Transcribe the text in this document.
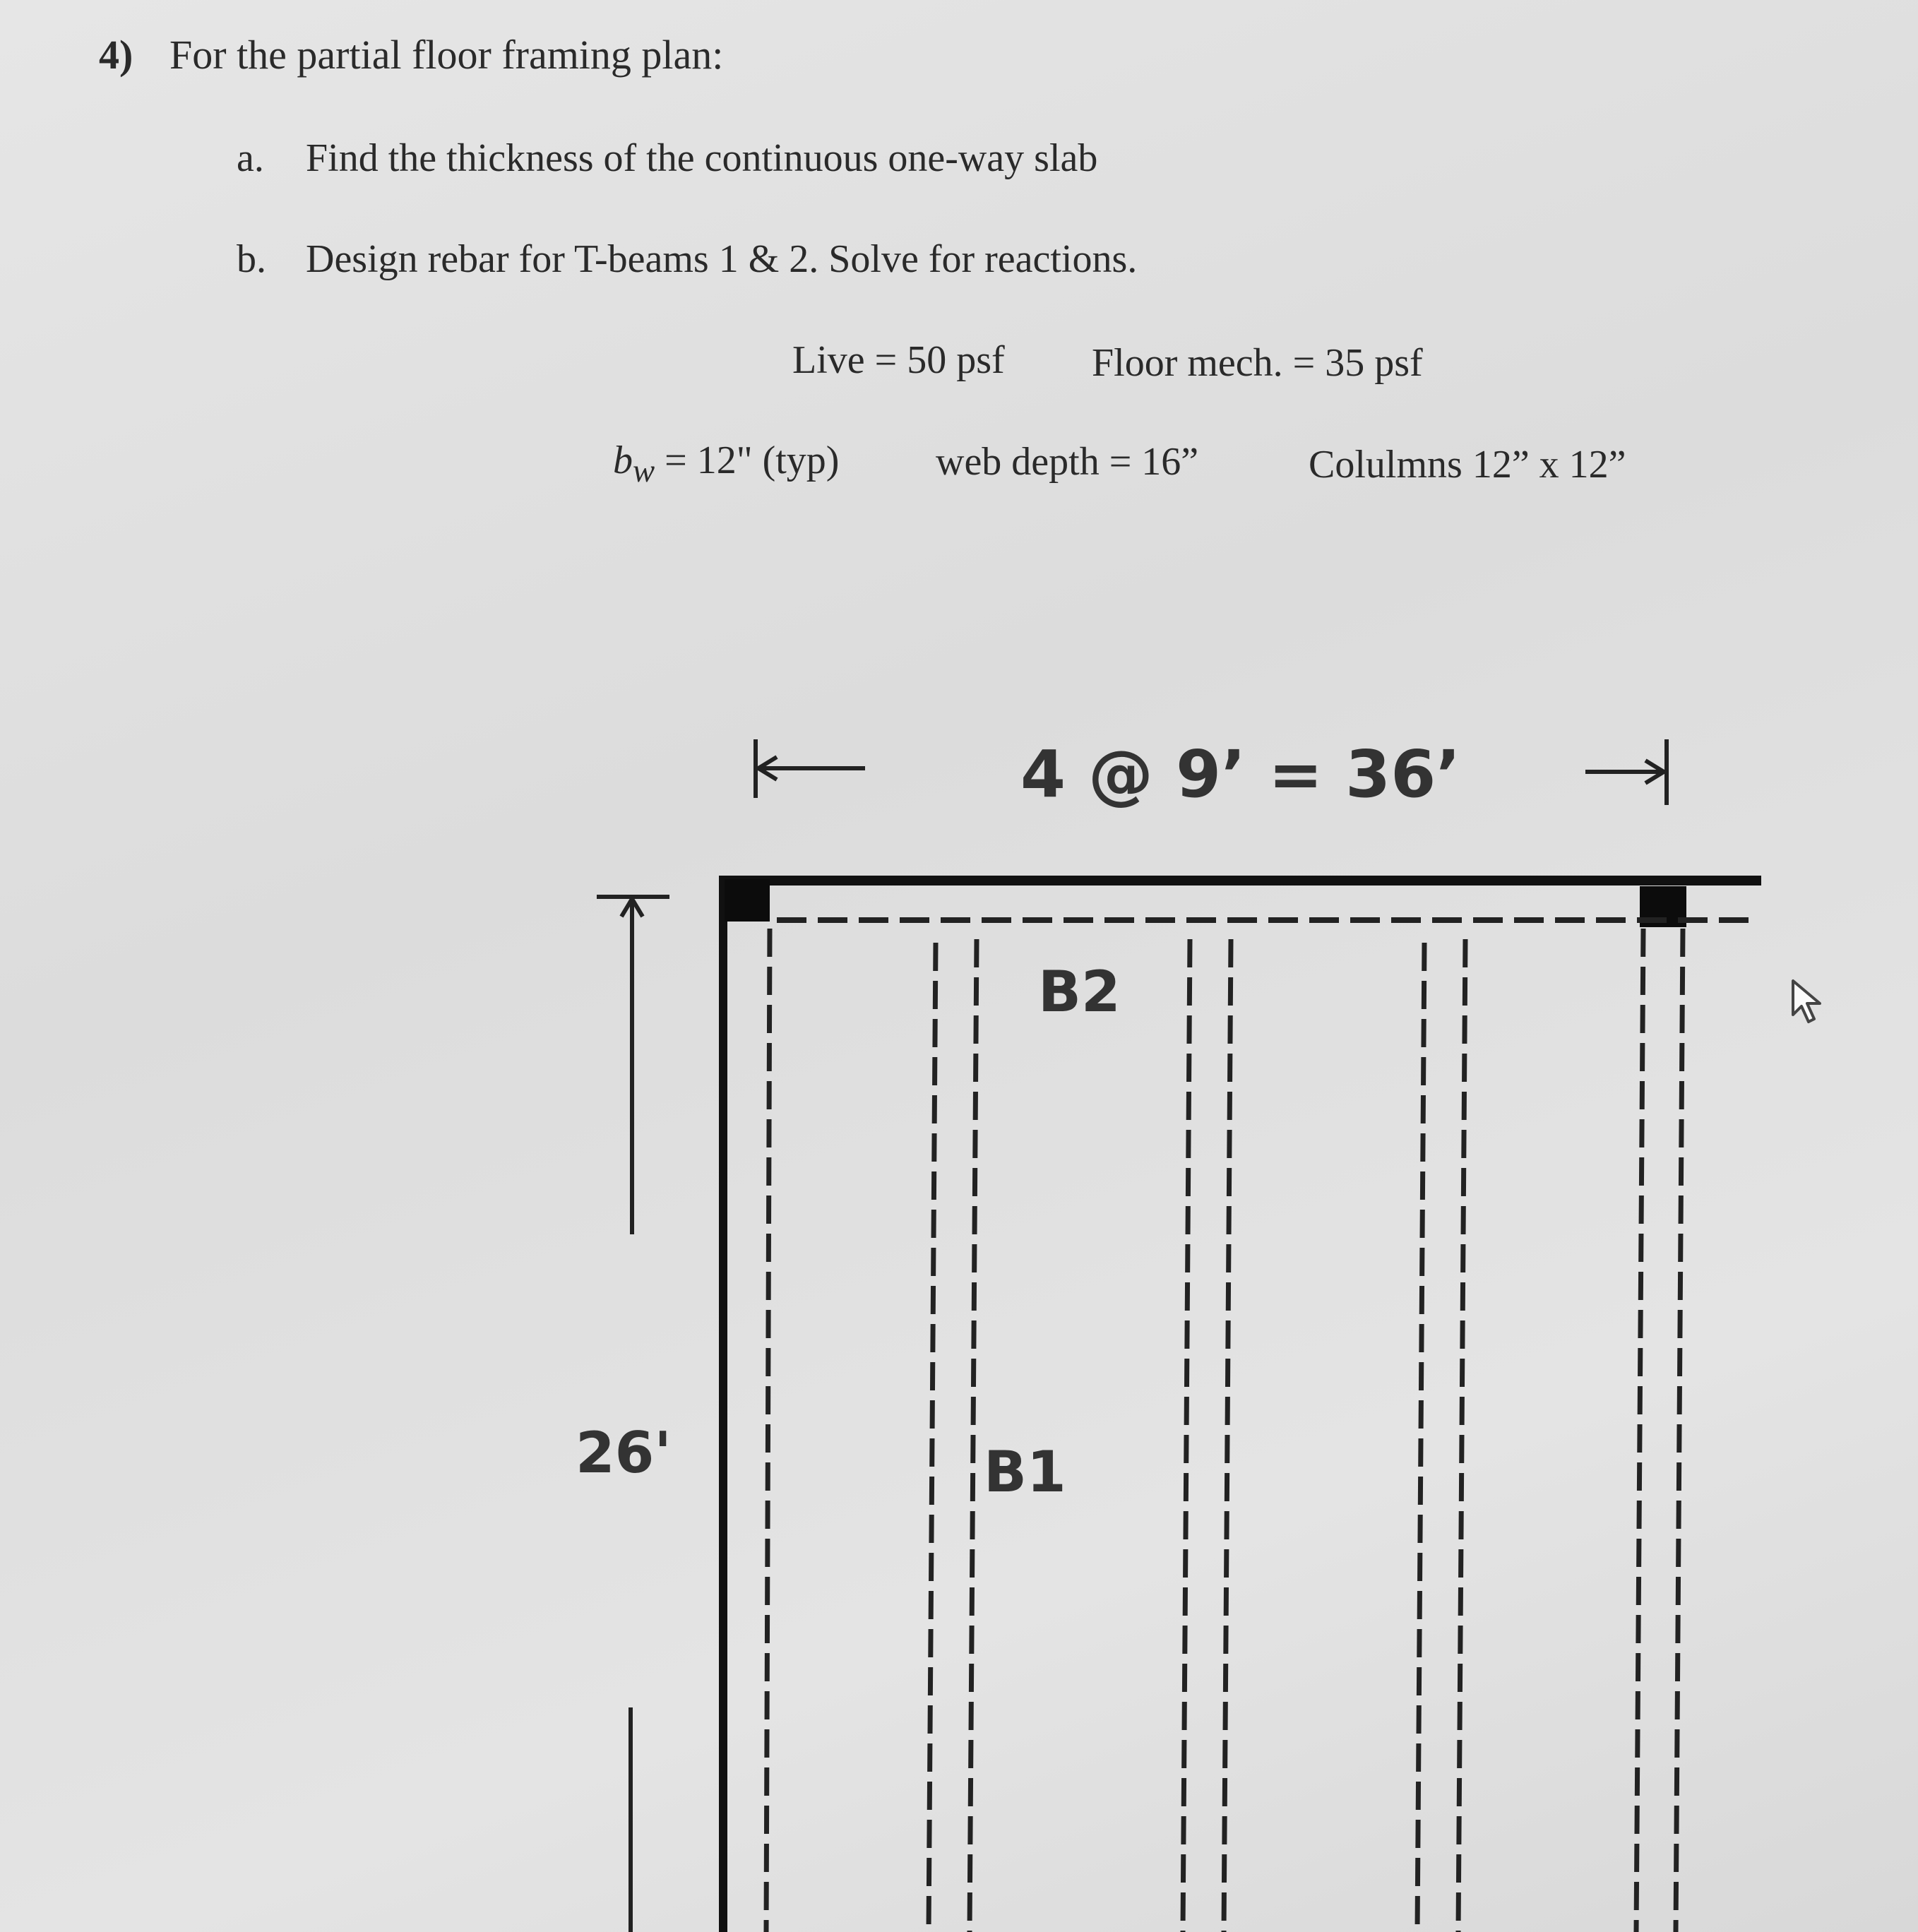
4) For the partial floor framing plan:
a. Find the thickness of the continuous one-way slab
b. Design rebar for T-beams 1 & 2. Solve for reactions.
Live = 50 psf Floor mech. = 35 psf
$b_w = 12$" (typ) web depth = 16”	Colulmns 12” x 12”
4 @ 9’ = 36’
26'
B2
B1
